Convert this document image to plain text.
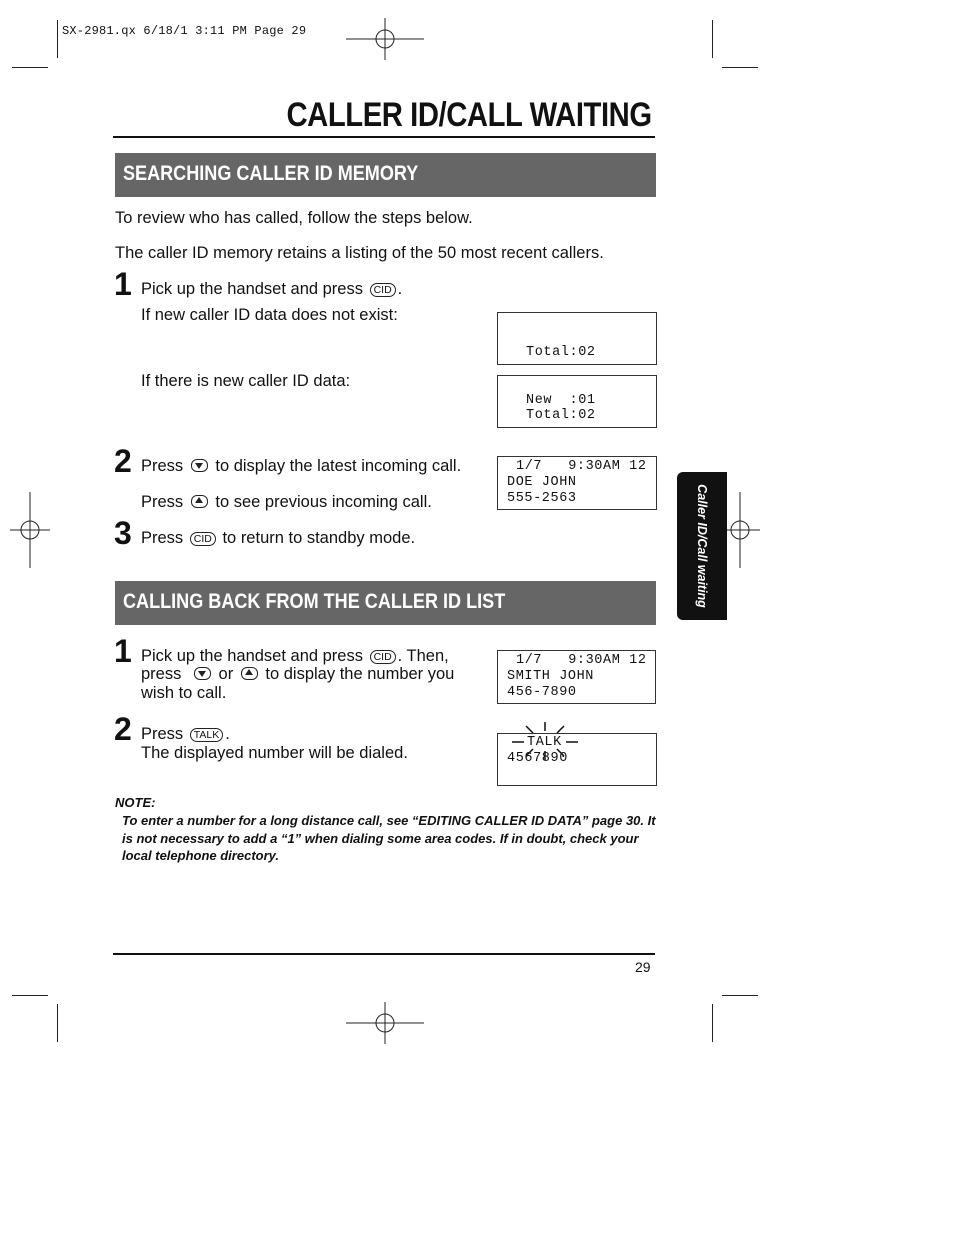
SX-2981.qx 6/18/1 3:11 PM Page 29
CALLER ID/CALL WAITING
SEARCHING CALLER ID MEMORY
To review who has called, follow the steps below.
The caller ID memory retains a listing of the 50 most recent callers.
1 Pick up the handset and press CID .
If new caller ID data does not exist:
If there is new caller ID data:

Total:02

New  :01

Total:02

2 Press to display the latest incoming call.
Press to see previous incoming call.

1/7   9:30AM 12

DOE JOHN

555-2563

3 Press CID to return to standby mode.
CALLING BACK FROM THE CALLER ID LIST
1 Pick up the handset and press CID . Then,
press or to display the number you
wish to call.

1/7   9:30AM 12

SMITH JOHN

456-7890

2 Press TALK .
The displayed number will be dialed.

TALK

4567890

NOTE:
To enter a number for a long distance call, see “EDITING CALLER ID DATA” page 30. It is not necessary to add a “1” when dialing some area codes. If in doubt, check your local telephone directory.
Caller ID/Call waiting
29
